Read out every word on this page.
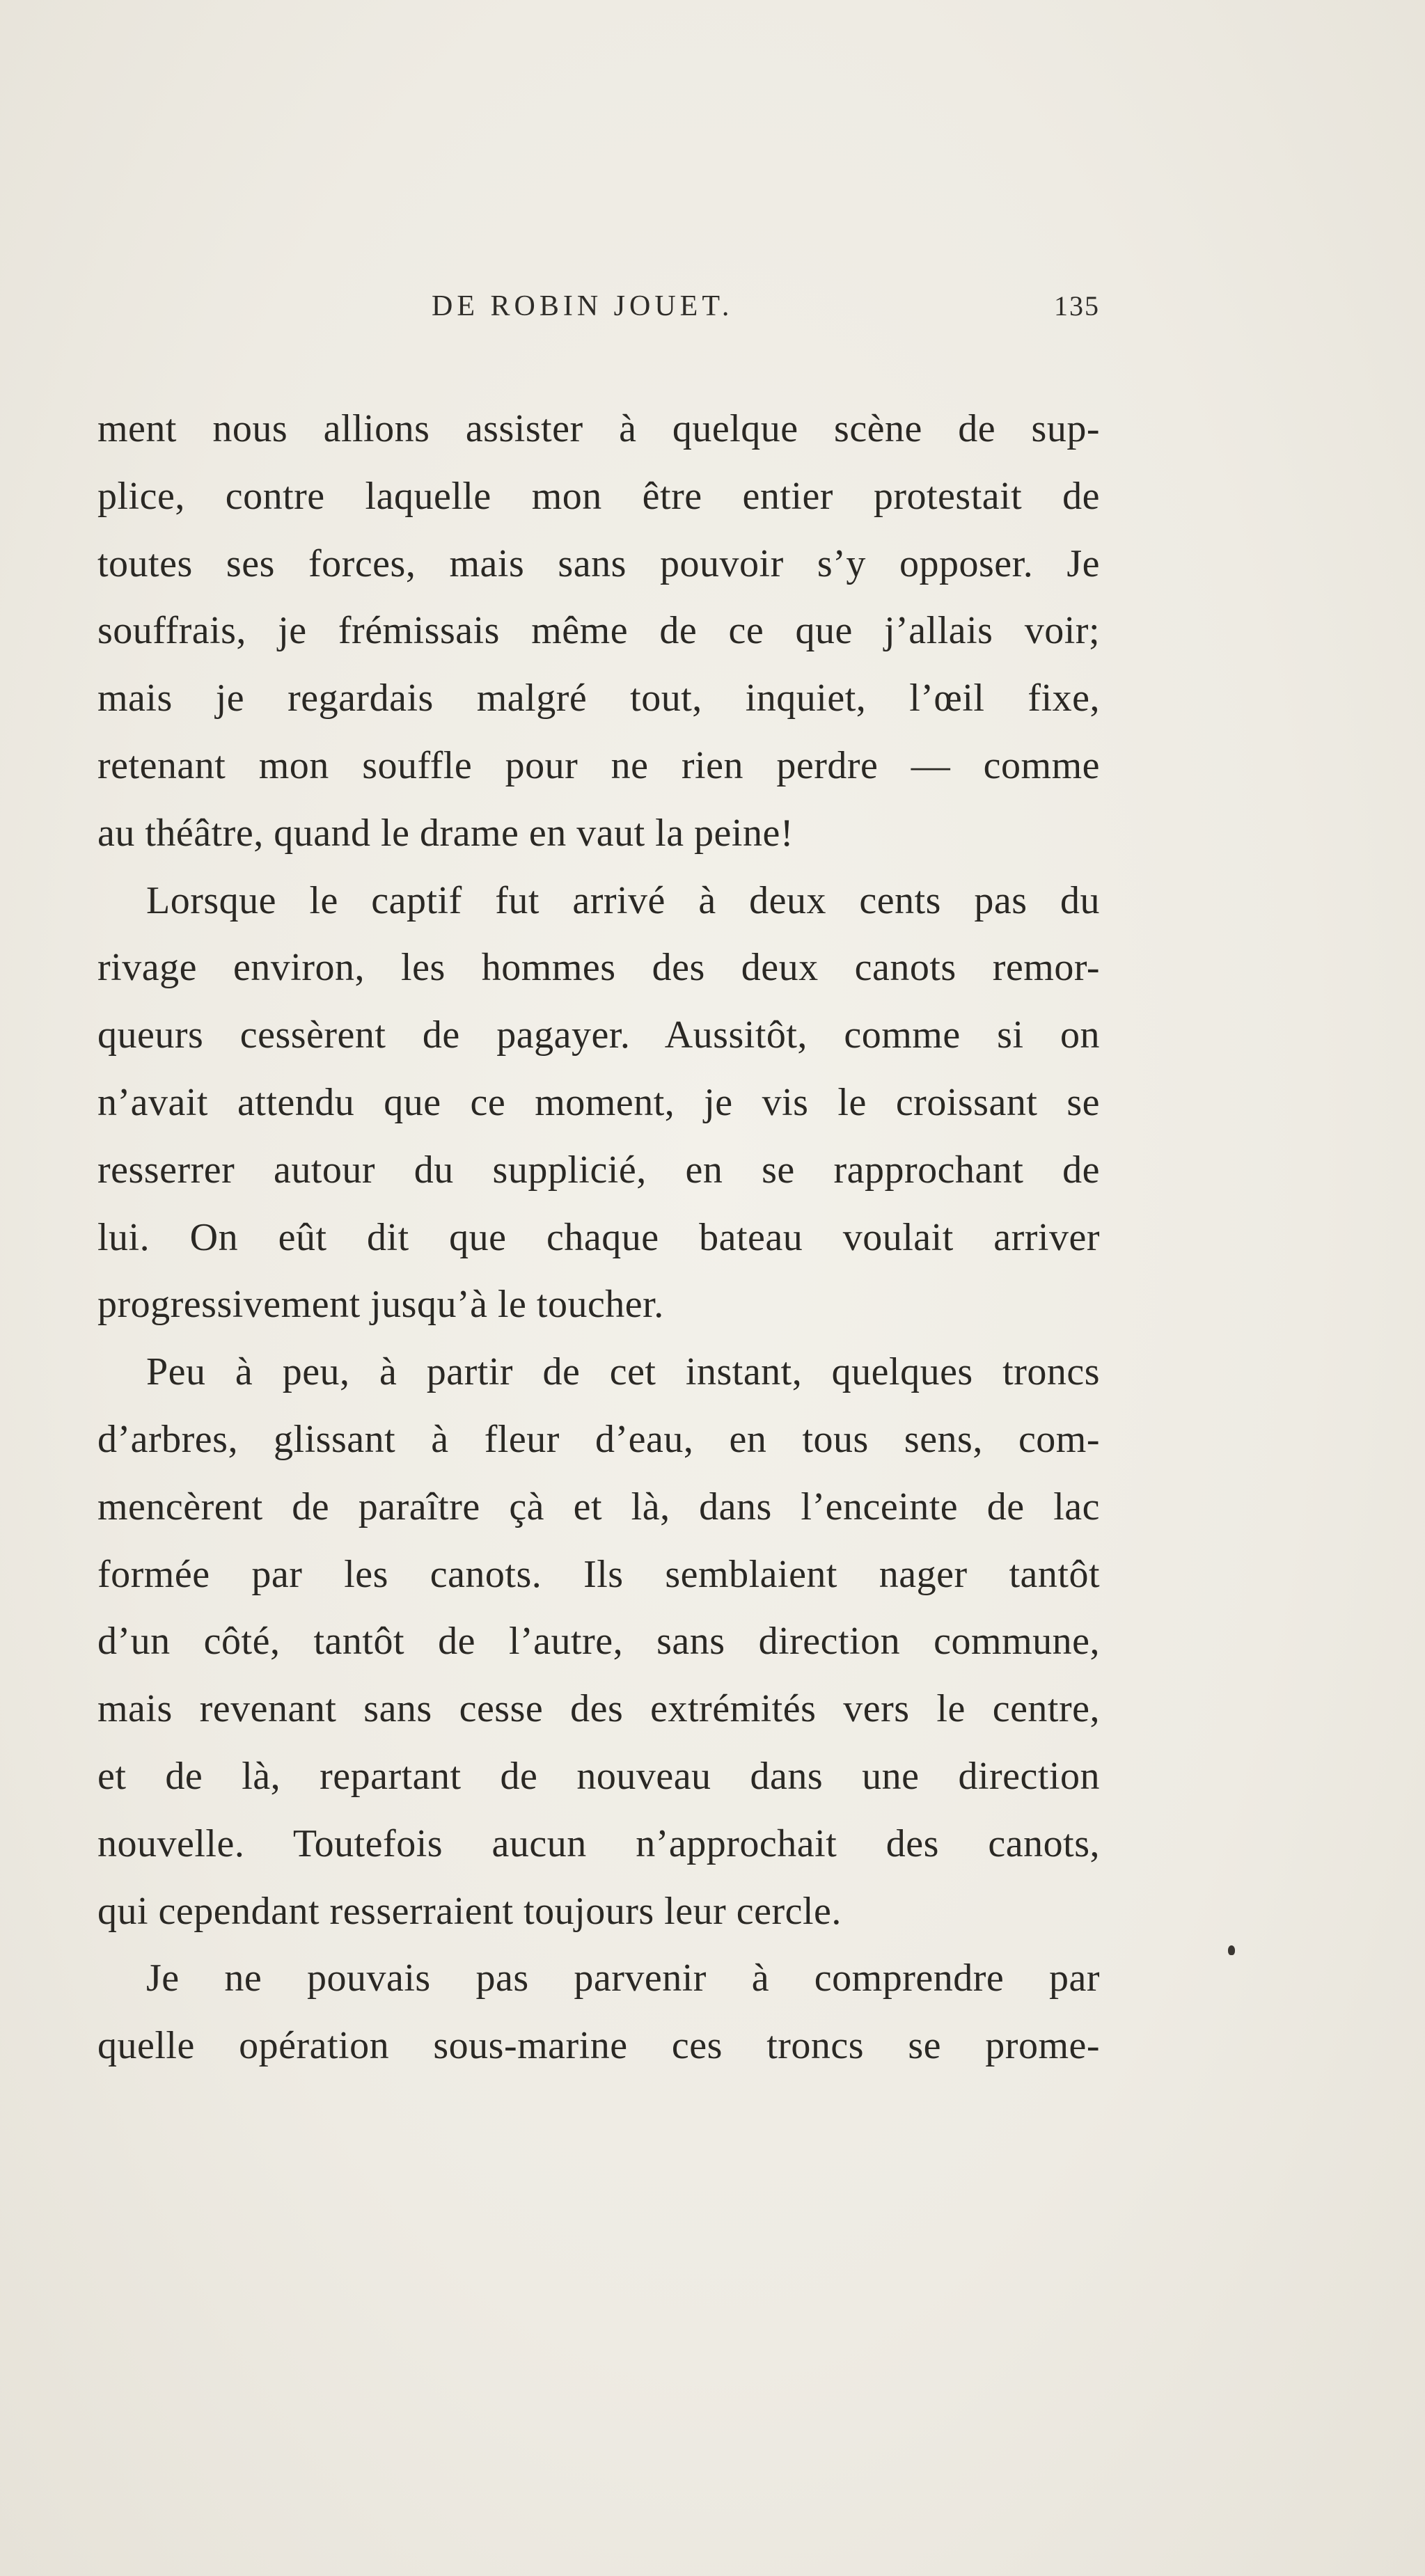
DE ROBIN JOUET.	135
ment nous allions assister à quelque scène de sup-
plice, contre laquelle mon être entier protestait de
toutes ses forces, mais sans pouvoir s’y opposer. Je
souffrais, je frémissais même de ce que j’allais voir;
mais je regardais malgré tout, inquiet, l’œil fixe,
retenant mon souffle pour ne rien perdre — comme
au théâtre, quand le drame en vaut la peine!
Lorsque le captif fut arrivé à deux cents pas du
rivage environ, les hommes des deux canots remor-
queurs cessèrent de pagayer. Aussitôt, comme si on
n’avait attendu que ce moment, je vis le croissant se
resserrer autour du supplicié, en se rapprochant de
lui. On eût dit que chaque bateau voulait arriver
progressivement jusqu’à le toucher.
Peu à peu, à partir de cet instant, quelques troncs
d’arbres, glissant à fleur d’eau, en tous sens, com-
mencèrent de paraître çà et là, dans l’enceinte de lac
formée par les canots. Ils semblaient nager tantôt
d’un côté, tantôt de l’autre, sans direction commune,
mais revenant sans cesse des extrémités vers le centre,
et de là, repartant de nouveau dans une direction
nouvelle. Toutefois aucun n’approchait des canots,
qui cependant resserraient toujours leur cercle.
Je ne pouvais pas parvenir à comprendre par
quelle opération sous-marine ces troncs se prome-
